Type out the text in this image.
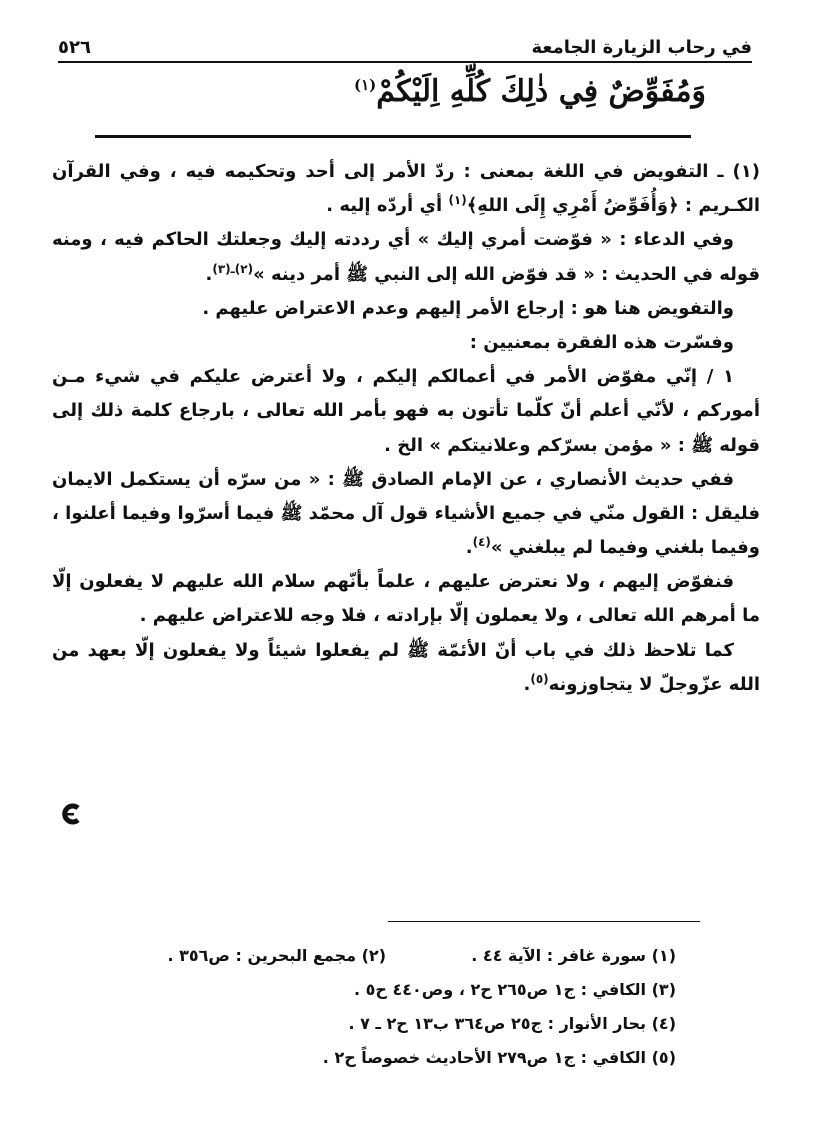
في رحاب الزيارة الجامعة
٥٢٦
وَمُفَوِّضٌ فِي ذٰلِكَ كُلِّهِ اِلَيْكُمْ$^{(١)}$

(١) ـ التفويض في اللغة بمعنى : ردّ الأمر إلى أحد وتحكيمه فيه ، وفي القرآن الكـريم : ﴿وَأُفَوِّضُ أَمْرِي إِلَى اللهِ﴾$^{(١)}$ أي أردّه إليه .

وفي الدعاء : « فوّضت أمري إليك » أي رددته إليك وجعلتك الحاكم فيه ، ومنه قوله في الحديث : « قد فوّض الله إلى النبي ﷺ أمر دينه »$^{(٢)ـ(٣)}$.

والتفويض هنا هو : إرجاع الأمر إليهم وعدم الاعتراض عليهم .

وفسّرت هذه الفقرة بمعنيين :

١ / إنّي مفوّض الأمر في أعمالكم إليكم ، ولا أعترض عليكم في شيء مـن أموركم ، لأنّي أعلم أنّ كلّما تأتون به فهو بأمر الله تعالى ، بارجاع كلمة ذلك إلى قوله ﷺ : « مؤمن بسرّكم وعلانيتكم » الخ .

ففي حديث الأنصاري ، عن الإمام الصادق ﷺ : « من سرّه أن يستكمل الايمان فليقل : القول منّي في جميع الأشياء قول آل محمّد ﷺ فيما أسرّوا وفيما أعلنوا ، وفيما بلغني وفيما لم يبلغني »$^{(٤)}$.

فنفوّض إليهم ، ولا نعترض عليهم ، علماً بأنّهم سلام الله عليهم لا يفعلون إلّا ما أمرهم الله تعالى ، ولا يعملون إلّا بإرادته ، فلا وجه للاعتراض عليهم .

كما تلاحظ ذلك في باب أنّ الأئمّة ﷺ لم يفعلوا شيئاً ولا يفعلون إلّا بعهد من الله عزّوجلّ لا يتجاوزونه$^{(٥)}$.

(١) سورة غافر : الآية ٤٤ .
(٢) مجمع البحرين : ص٣٥٦ .
(٣) الكافي : ج١ ص٢٦٥ ح٢ ، وص٤٤٠ ح٥ .
(٤) بحار الأنوار : ج٢٥ ص٣٦٤ ب١٣ ح٢ ـ ٧ .
(٥) الكافي : ج١ ص٢٧٩ الأحاديث خصوصاً ح٢ .
